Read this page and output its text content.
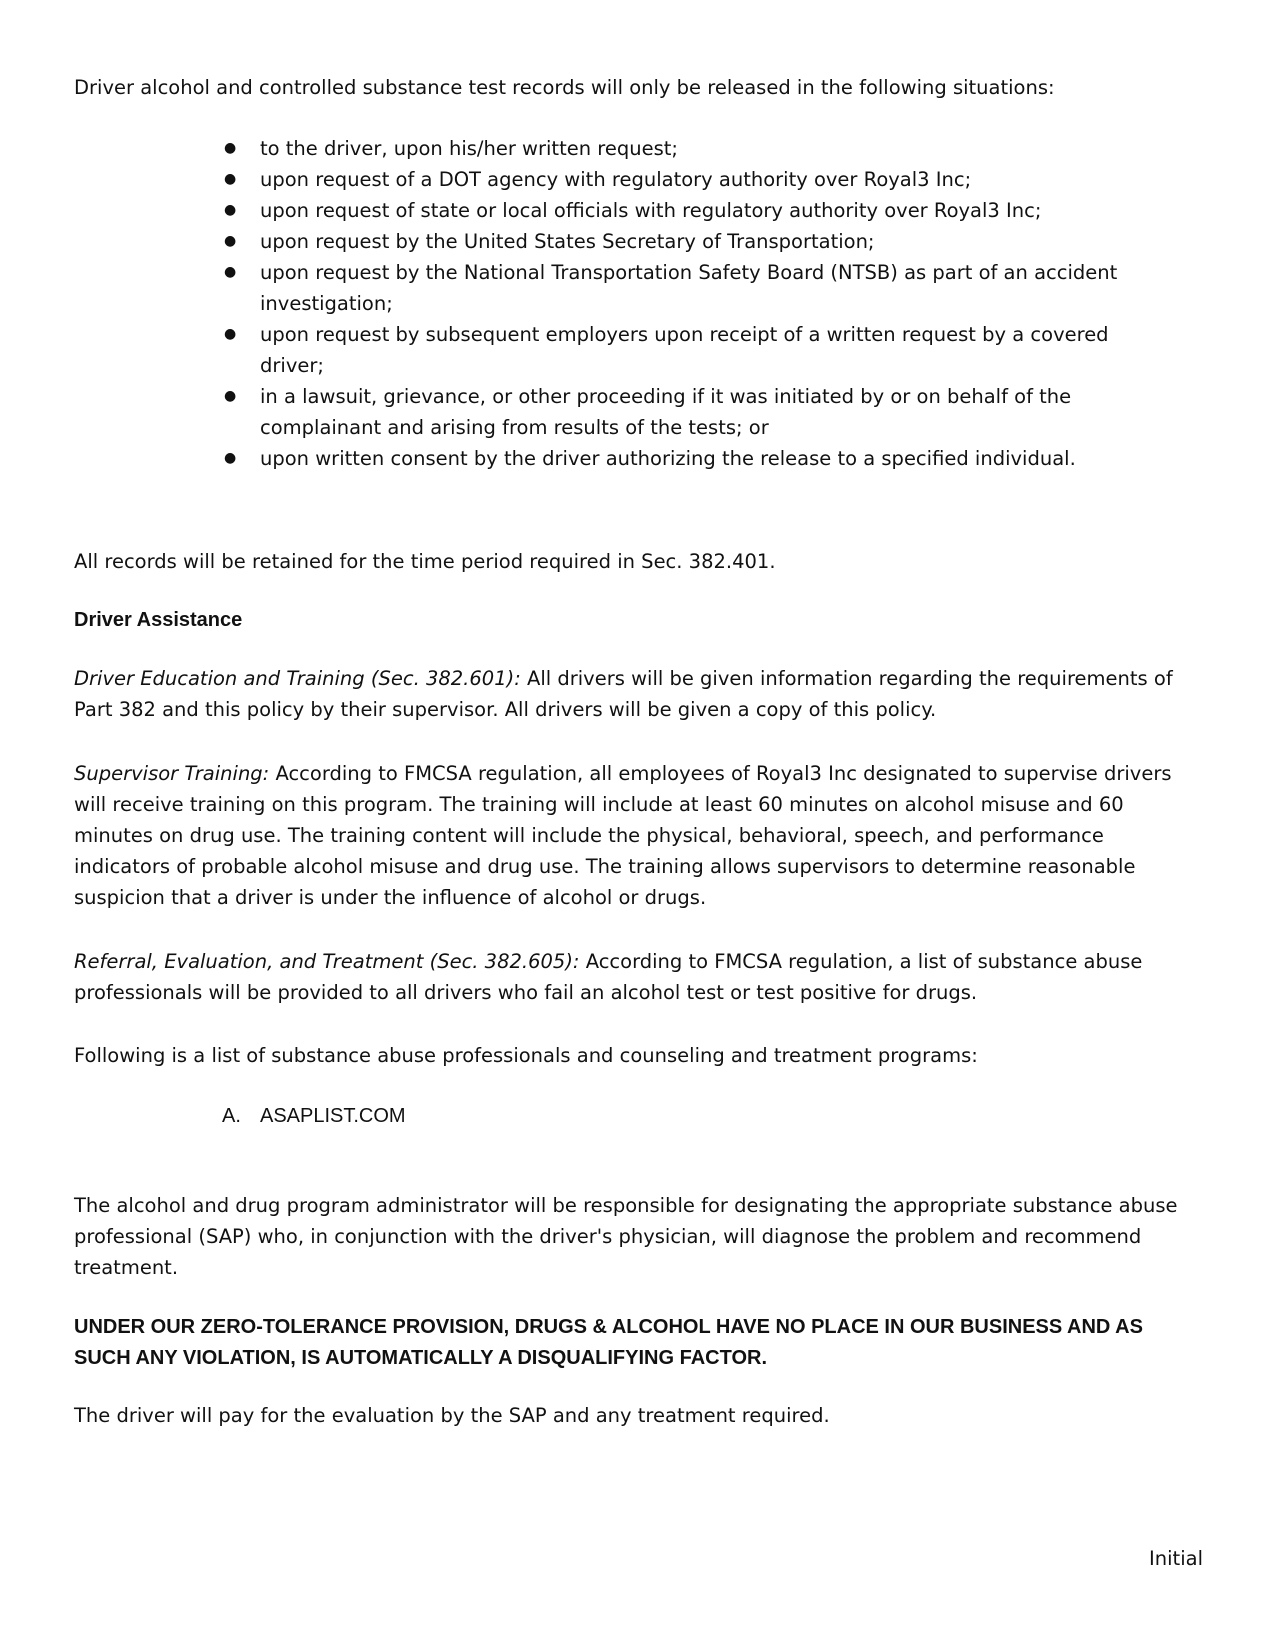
Driver alcohol and controlled substance test records will only be released in the following situations:

● to the driver, upon his/her written request;
● upon request of a DOT agency with regulatory authority over Royal3 Inc;
● upon request of state or local officials with regulatory authority over Royal3 Inc;
● upon request by the United States Secretary of Transportation;
● upon request by the National Transportation Safety Board (NTSB) as part of an accident investigation;
● upon request by subsequent employers upon receipt of a written request by a covered driver;
● in a lawsuit, grievance, or other proceeding if it was initiated by or on behalf of the complainant and arising from results of the tests; or
● upon written consent by the driver authorizing the release to a specified individual.

All records will be retained for the time period required in Sec. 382.401.

Driver Assistance

Driver Education and Training (Sec. 382.601): All drivers will be given information regarding the requirements of Part 382 and this policy by their supervisor. All drivers will be given a copy of this policy.

Supervisor Training: According to FMCSA regulation, all employees of Royal3 Inc designated to supervise drivers will receive training on this program. The training will include at least 60 minutes on alcohol misuse and 60 minutes on drug use. The training content will include the physical, behavioral, speech, and performance indicators of probable alcohol misuse and drug use. The training allows supervisors to determine reasonable suspicion that a driver is under the influence of alcohol or drugs.

Referral, Evaluation, and Treatment (Sec. 382.605): According to FMCSA regulation, a list of substance abuse professionals will be provided to all drivers who fail an alcohol test or test positive for drugs.

Following is a list of substance abuse professionals and counseling and treatment programs:

A. ASAPLIST.COM

The alcohol and drug program administrator will be responsible for designating the appropriate substance abuse professional (SAP) who, in conjunction with the driver's physician, will diagnose the problem and recommend treatment.

UNDER OUR ZERO-TOLERANCE PROVISION, DRUGS & ALCOHOL HAVE NO PLACE IN OUR BUSINESS AND AS SUCH ANY VIOLATION, IS AUTOMATICALLY A DISQUALIFYING FACTOR.

The driver will pay for the evaluation by the SAP and any treatment required.

Initial
